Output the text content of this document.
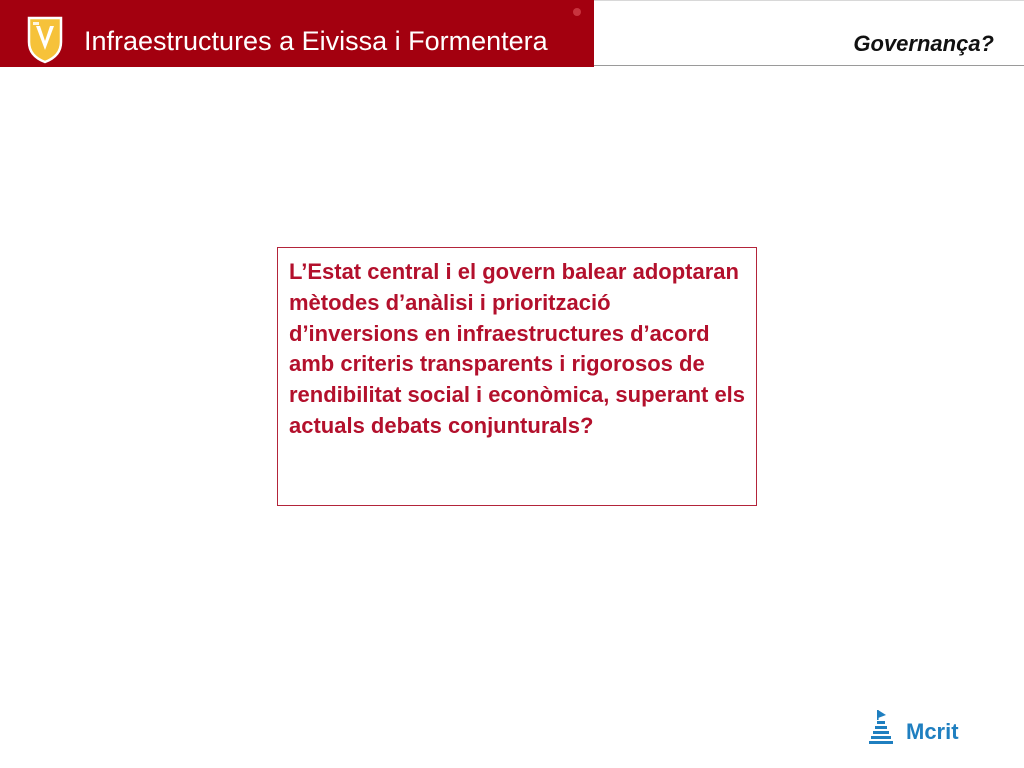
Infraestructures a Eivissa i Formentera	Governança?

L’Estat central i el govern balear adoptaran mètodes d’anàlisi i priorització d’inversions en infraestructures d’acord amb criteris transparents i rigorosos de rendibilitat social i econòmica, superant els actuals debats conjunturals?

Mcrit
